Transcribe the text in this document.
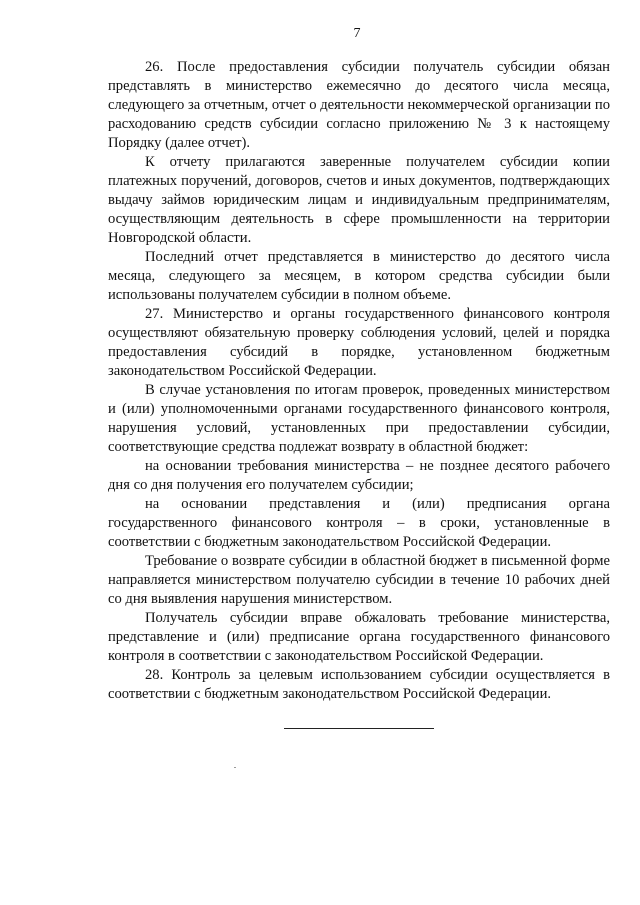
7

26. После предоставления субсидии получатель субсидии обязан представлять в министерство ежемесячно до десятого числа месяца, следующего за отчетным, отчет о деятельности некоммерческой организации по расходованию средств субсидии согласно приложению № 3 к настоящему Порядку (далее отчет).

К отчету прилагаются заверенные получателем субсидии копии платежных поручений, договоров, счетов и иных документов, подтверждающих выдачу займов юридическим лицам и индивидуальным предпринимателям, осуществляющим деятельность в сфере промышленности на территории Новгородской области.

Последний отчет представляется в министерство до десятого числа месяца, следующего за месяцем, в котором средства субсидии были использованы получателем субсидии в полном объеме.

27. Министерство и органы государственного финансового контроля осуществляют обязательную проверку соблюдения условий, целей и порядка предоставления субсидий в порядке, установленном бюджетным законодательством Российской Федерации.

В случае установления по итогам проверок, проведенных министерством и (или) уполномоченными органами государственного финансового контроля, нарушения условий, установленных при предоставлении субсидии, соответствующие средства подлежат возврату в областной бюджет:

на основании требования министерства – не позднее десятого рабочего дня со дня получения его получателем субсидии;

на основании представления и (или) предписания органа государственного финансового контроля – в сроки, установленные в соответствии с бюджетным законодательством Российской Федерации.

Требование о возврате субсидии в областной бюджет в письменной форме направляется министерством получателю субсидии в течение 10 рабочих дней со дня выявления нарушения министерством.

Получатель субсидии вправе обжаловать требование министерства, представление и (или) предписание органа государственного финансового контроля в соответствии с законодательством Российской Федерации.

28. Контроль за целевым использованием субсидии осуществляется в соответствии с бюджетным законодательством Российской Федерации.
